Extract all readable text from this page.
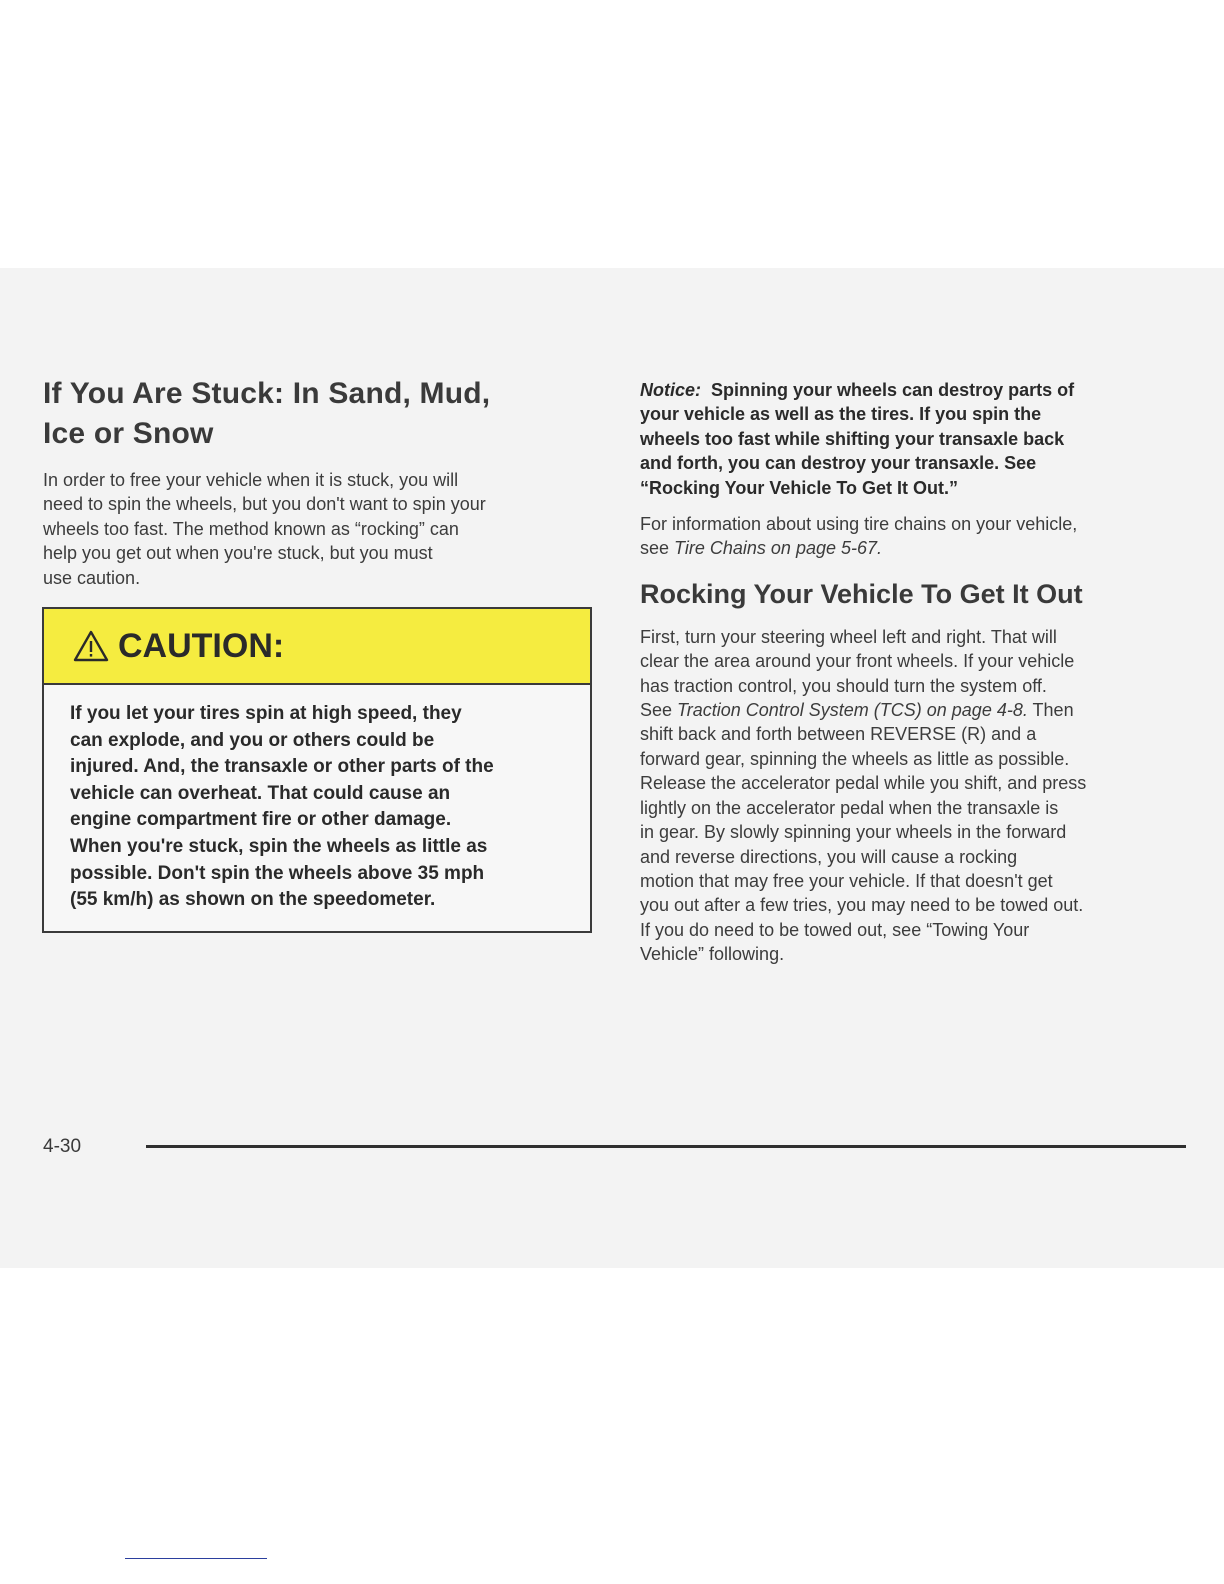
If You Are Stuck: In Sand, Mud,
Ice or Snow

In order to free your vehicle when it is stuck, you will
need to spin the wheels, but you don't want to spin your
wheels too fast. The method known as “rocking” can
help you get out when you're stuck, but you must
use caution.

CAUTION:
If you let your tires spin at high speed, they
can explode, and you or others could be
injured. And, the transaxle or other parts of the
vehicle can overheat. That could cause an
engine compartment fire or other damage.
When you're stuck, spin the wheels as little as
possible. Don't spin the wheels above 35 mph
(55 km/h) as shown on the speedometer.

Notice: Spinning your wheels can destroy parts of
your vehicle as well as the tires. If you spin the
wheels too fast while shifting your transaxle back
and forth, you can destroy your transaxle. See
“Rocking Your Vehicle To Get It Out.”

For information about using tire chains on your vehicle,
see Tire Chains on page 5-67.

Rocking Your Vehicle To Get It Out

First, turn your steering wheel left and right. That will
clear the area around your front wheels. If your vehicle
has traction control, you should turn the system off.
See Traction Control System (TCS) on page 4-8. Then
shift back and forth between REVERSE (R) and a
forward gear, spinning the wheels as little as possible.
Release the accelerator pedal while you shift, and press
lightly on the accelerator pedal when the transaxle is
in gear. By slowly spinning your wheels in the forward
and reverse directions, you will cause a rocking
motion that may free your vehicle. If that doesn't get
you out after a few tries, you may need to be towed out.
If you do need to be towed out, see “Towing Your
Vehicle” following.

4-30
